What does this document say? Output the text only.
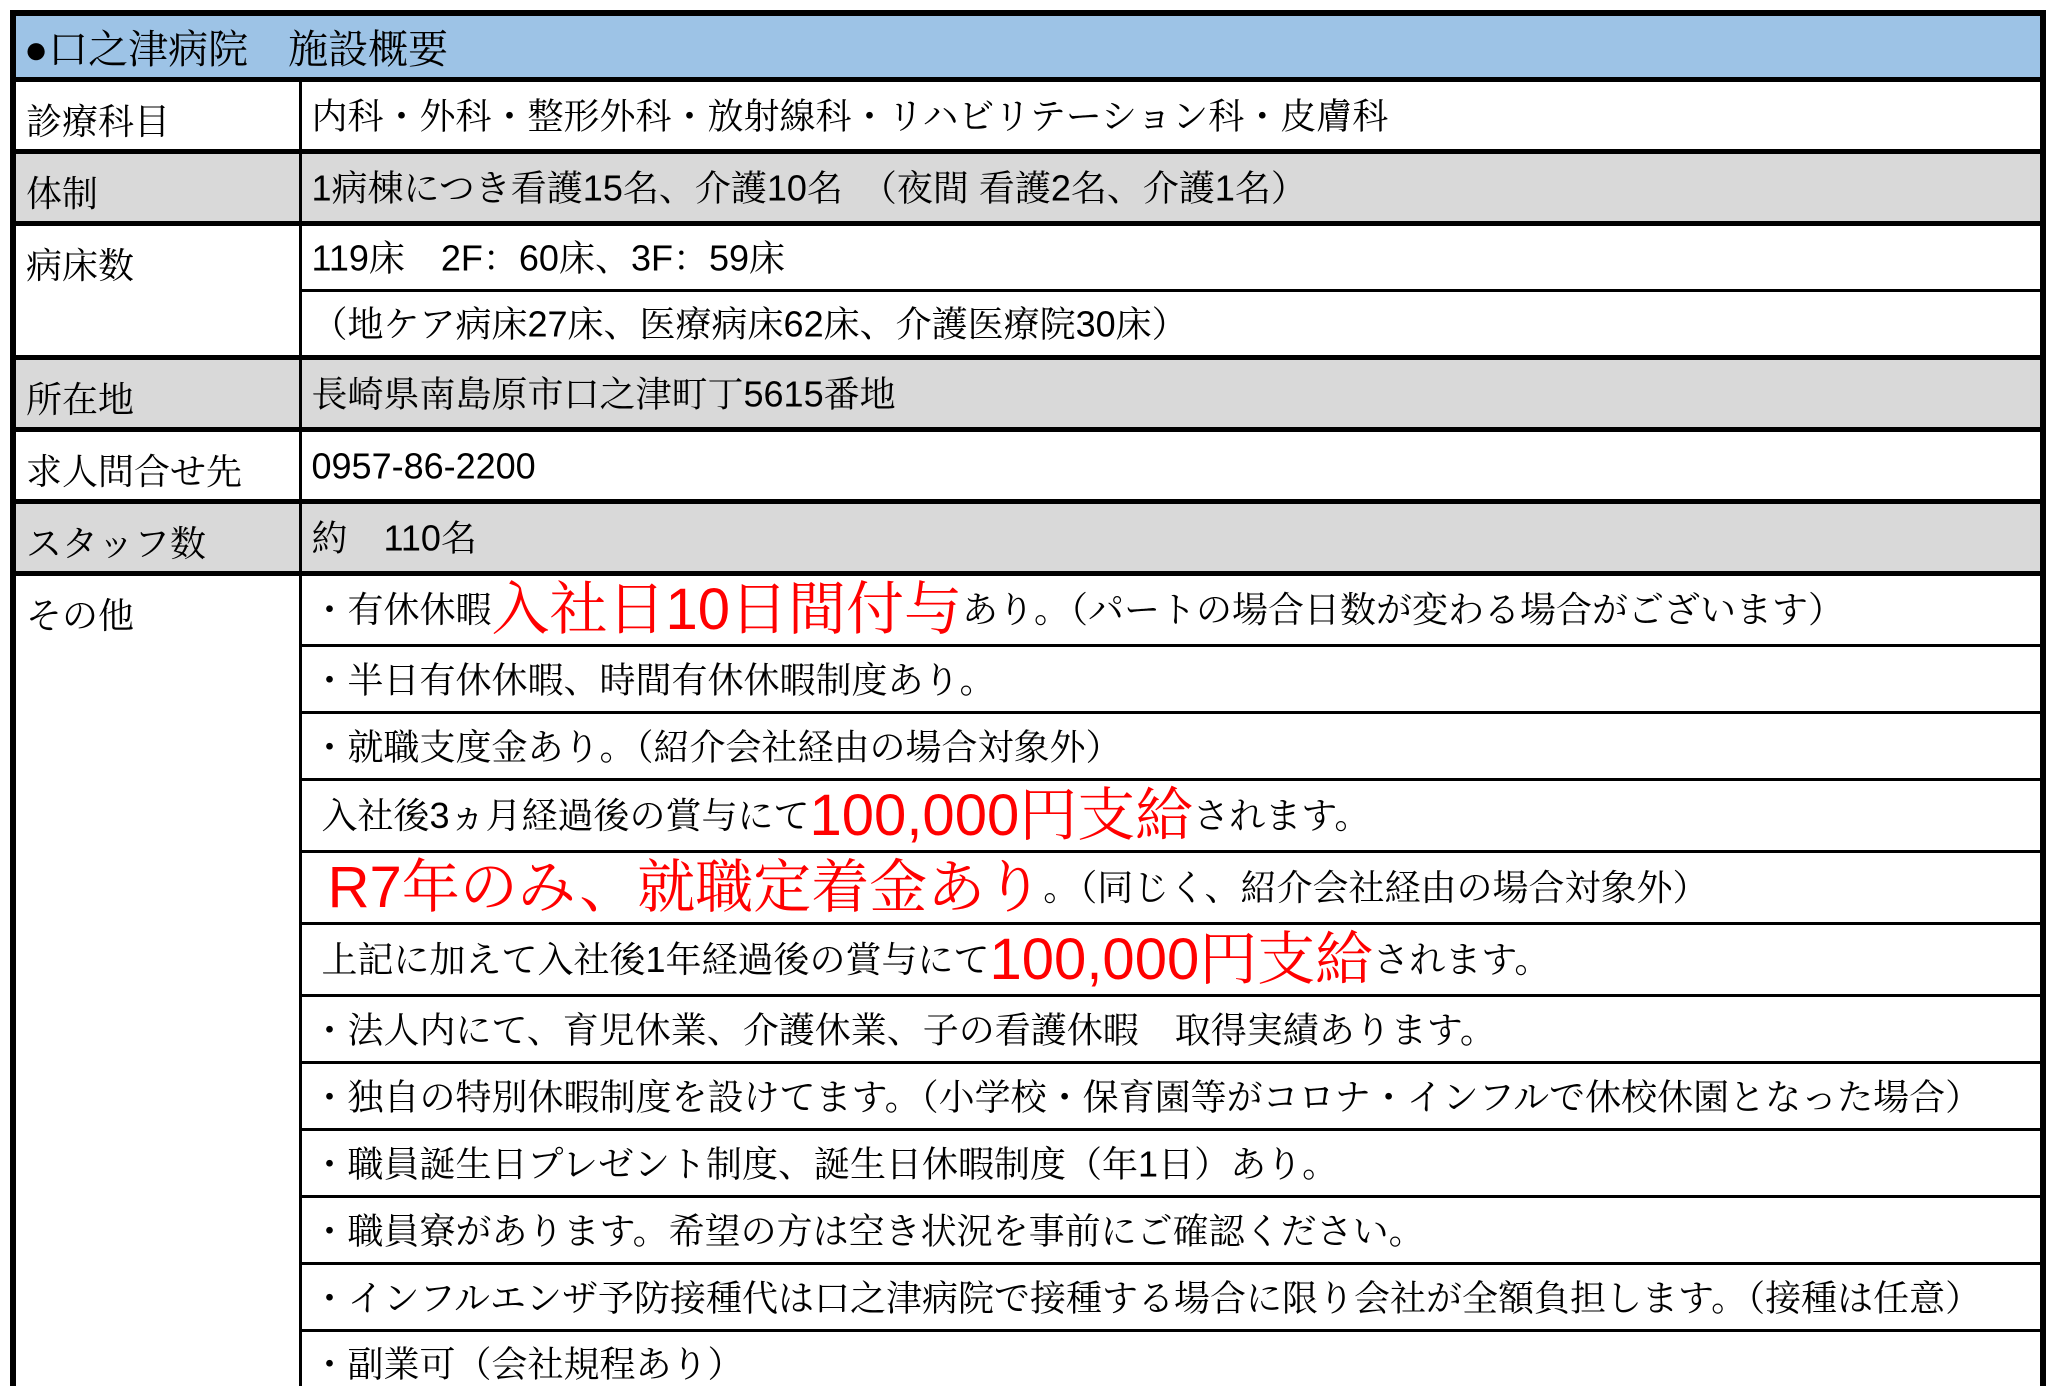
●口之津病院　施設概要	
診療科目	内科・外科・整形外科・放射線科・リハビリテーション科・皮膚科
体制	1病棟につき看護15名、介護10名　（夜間 看護2名、介護1名）
病床数	119床　2F：60床、3F：59床
	（地ケア病床27床、医療病床62床、介護医療院30床）
所在地	長崎県南島原市口之津町丁5615番地
求人問合せ先	0957-86-2200
スタッフ数	約　110名
その他	・有休休暇入社日10日間付与あり。（パートの場合日数が変わる場合がございます）
	・半日有休休暇、時間有休休暇制度あり。
	・就職支度金あり。（紹介会社経由の場合対象外）
	入社後3ヵ月経過後の賞与にて100,000円支給されます。
	R7年のみ、就職定着金あり。（同じく、紹介会社経由の場合対象外）
	上記に加えて入社後1年経過後の賞与にて100,000円支給されます。
	・法人内にて、育児休業、介護休業、子の看護休暇　取得実績あります。
	・独自の特別休暇制度を設けてます。（小学校・保育園等がコロナ・インフルで休校休園となった場合）
	・職員誕生日プレゼント制度、誕生日休暇制度（年1日）あり。
	・職員寮があります。希望の方は空き状況を事前にご確認ください。
	・インフルエンザ予防接種代は口之津病院で接種する場合に限り会社が全額負担します。（接種は任意）
	・副業可（会社規程あり）
